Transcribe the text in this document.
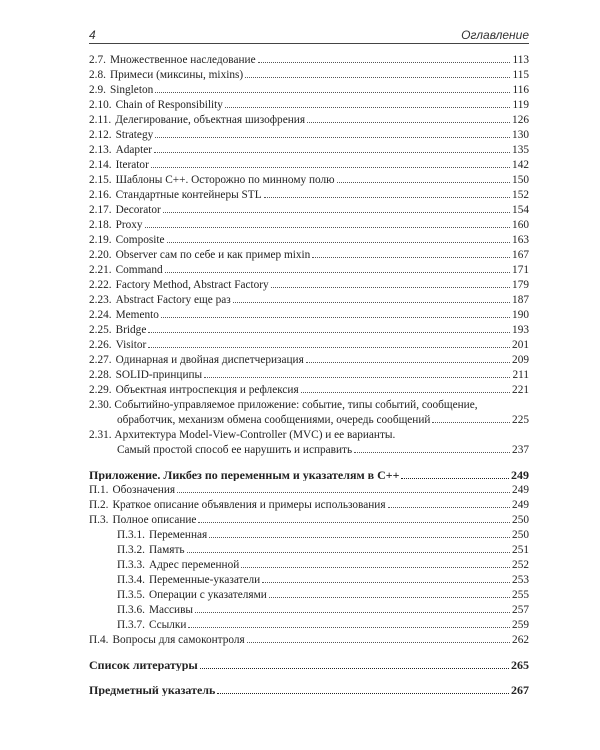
4	Оглавление
2.7. Множественное наследование	113
2.8. Примеси (миксины, mixins)	115
2.9. Singleton	116
2.10. Chain of Responsibility	119
2.11. Делегирование, объектная шизофрения	126
2.12. Strategy	130
2.13. Adapter	135
2.14. Iterator	142
2.15. Шаблоны С++. Осторожно по минному полю	150
2.16. Стандартные контейнеры STL	152
2.17. Decorator	154
2.18. Proxy	160
2.19. Composite	163
2.20. Observer сам по себе и как пример mixin	167
2.21. Command	171
2.22. Factory Method, Abstract Factory	179
2.23. Abstract Factory еще раз	187
2.24. Memento	190
2.25. Bridge	193
2.26. Visitor	201
2.27. Одинарная и двойная диспетчеризация	209
2.28. SOLID-принципы	211
2.29. Объектная интроспекция и рефлексия	221
2.30. Событийно-управляемое приложение: событие, типы событий, сообщение,
обработчик, механизм обмена сообщениями, очередь сообщений	225
2.31. Архитектура Model-View-Controller (MVC) и ее варианты.
Самый простой способ ее нарушить и исправить	237
Приложение. Ликбез по переменным и указателям в С++	249
П.1. Обозначения	249
П.2. Краткое описание объявления и примеры использования	249
П.3. Полное описание	250
П.3.1. Переменная	250
П.3.2. Память	251
П.3.3. Адрес переменной	252
П.3.4. Переменные-указатели	253
П.3.5. Операции с указателями	255
П.3.6. Массивы	257
П.3.7. Ссылки	259
П.4. Вопросы для самоконтроля	262
Список литературы	265
Предметный указатель	267
